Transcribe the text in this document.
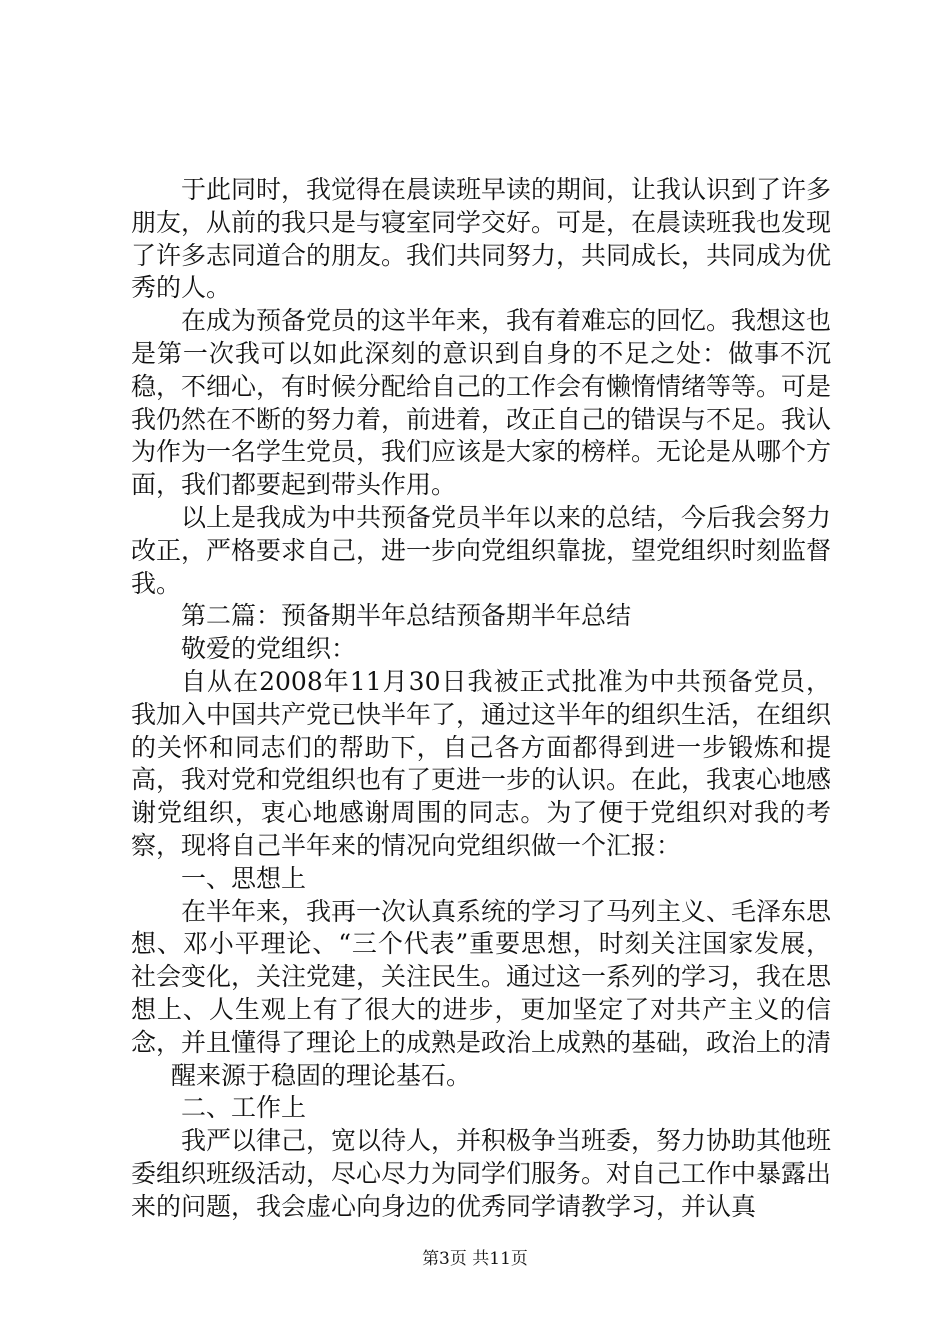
于此同时，我觉得在晨读班早读的期间，让我认识到了许多朋友，从前的我只是与寝室同学交好。可是，在晨读班我也发现了许多志同道合的朋友。我们共同努力，共同成长，共同成为优秀的人。

在成为预备党员的这半年来，我有着难忘的回忆。我想这也是第一次我可以如此深刻的意识到自身的不足之处：做事不沉稳，不细心，有时候分配给自己的工作会有懒惰情绪等等。可是我仍然在不断的努力着，前进着，改正自己的错误与不足。我认为作为一名学生党员，我们应该是大家的榜样。无论是从哪个方面，我们都要起到带头作用。

以上是我成为中共预备党员半年以来的总结，今后我会努力改正，严格要求自己，进一步向党组织靠拢，望党组织时刻监督我。

第二篇：预备期半年总结预备期半年总结

敬爱的党组织：

自从在2008年11月30日我被正式批准为中共预备党员，我加入中国共产党已快半年了，通过这半年的组织生活，在组织的关怀和同志们的帮助下，自己各方面都得到进一步锻炼和提高，我对党和党组织也有了更进一步的认识。在此，我衷心地感谢党组织，衷心地感谢周围的同志。为了便于党组织对我的考察，现将自己半年来的情况向党组织做一个汇报：

一、思想上

在半年来，我再一次认真系统的学习了马列主义、毛泽东思想、邓小平理论、“三个代表”重要思想，时刻关注国家发展，社会变化，关注党建，关注民生。通过这一系列的学习，我在思想上、人生观上有了很大的进步，更加坚定了对共产主义的信念，并且懂得了理论上的成熟是政治上成熟的基础，政治上的清

醒来源于稳固的理论基石。

二、工作上

我严以律己，宽以待人，并积极争当班委，努力协助其他班委组织班级活动，尽心尽力为同学们服务。对自己工作中暴露出来的问题，我会虚心向身边的优秀同学请教学习，并认真

第3页 共11页
